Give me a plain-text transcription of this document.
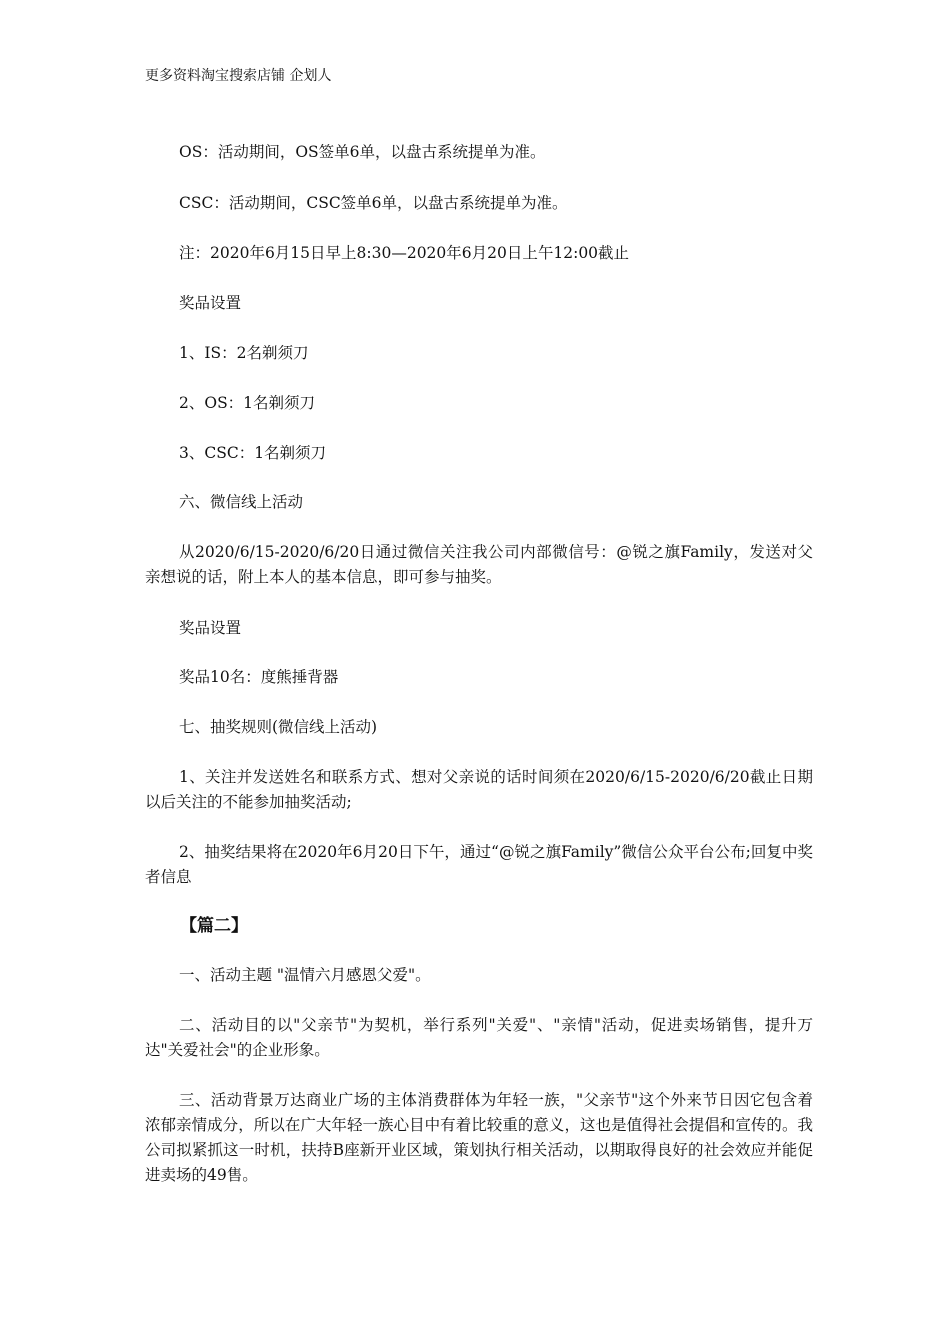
更多资料淘宝搜索店铺 企划人

OS：活动期间，OS签单6单，以盘古系统提单为准。

CSC：活动期间，CSC签单6单，以盘古系统提单为准。

注：2020年6月15日早上8:30—2020年6月20日上午12:00截止

奖品设置

1、IS：2名剃须刀

2、OS：1名剃须刀

3、CSC：1名剃须刀

六、微信线上活动

从2020/6/15-2020/6/20日通过微信关注我公司内部微信号：@锐之旗Family，发送对父亲想说的话，附上本人的基本信息，即可参与抽奖。

奖品设置

奖品10名：度熊捶背器

七、抽奖规则(微信线上活动)

1、关注并发送姓名和联系方式、想对父亲说的话时间须在2020/6/15-2020/6/20截止日期以后关注的不能参加抽奖活动;

2、抽奖结果将在2020年6月20日下午，通过“@锐之旗Family”微信公众平台公布;回复中奖者信息

【篇二】

一、活动主题 "温情六月感恩父爱"。

二、活动目的以"父亲节"为契机，举行系列"关爱"、"亲情"活动，促进卖场销售，提升万达"关爱社会"的企业形象。

三、活动背景万达商业广场的主体消费群体为年轻一族，"父亲节"这个外来节日因它包含着浓郁亲情成分，所以在广大年轻一族心目中有着比较重的意义，这也是值得社会提倡和宣传的。我公司拟紧抓这一时机，扶持B座新开业区域，策划执行相关活动，以期取得良好的社会效应并能促进卖场的49售。
